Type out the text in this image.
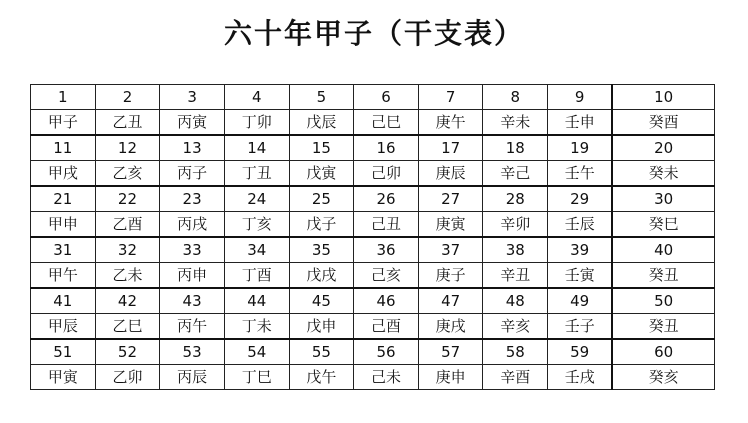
六十年甲子（干支表）
1	2	3	4	5	6	7	8	9	10
甲子	乙丑	丙寅	丁卯	戊辰	己巳	庚午	辛未	壬申	癸酉
11	12	13	14	15	16	17	18	19	20
甲戌	乙亥	丙子	丁丑	戊寅	己卯	庚辰	辛己	壬午	癸未
21	22	23	24	25	26	27	28	29	30
甲申	乙酉	丙戌	丁亥	戊子	己丑	庚寅	辛卯	壬辰	癸巳
31	32	33	34	35	36	37	38	39	40
甲午	乙未	丙申	丁酉	戊戌	己亥	庚子	辛丑	壬寅	癸丑
41	42	43	44	45	46	47	48	49	50
甲辰	乙巳	丙午	丁未	戊申	己酉	庚戌	辛亥	壬子	癸丑
51	52	53	54	55	56	57	58	59	60
甲寅	乙卯	丙辰	丁巳	戊午	己未	庚申	辛酉	壬戌	癸亥
